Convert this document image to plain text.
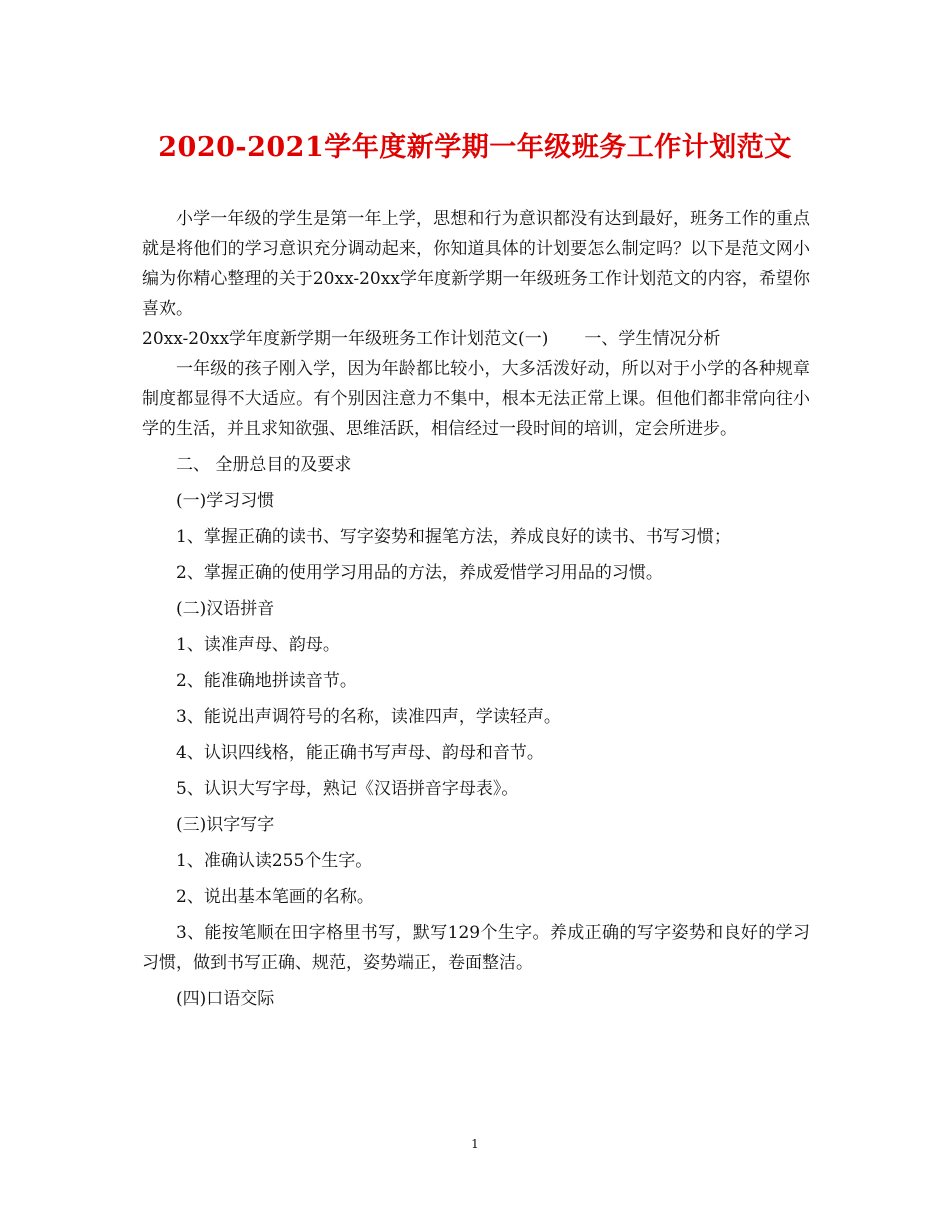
2020-2021学年度新学期一年级班务工作计划范文

小学一年级的学生是第一年上学，思想和行为意识都没有达到最好，班务工作的重点就是将他们的学习意识充分调动起来，你知道具体的计划要怎么制定吗？以下是范文网小编为你精心整理的关于20xx-20xx学年度新学期一年级班务工作计划范文的内容，希望你喜欢。

20xx-20xx学年度新学期一年级班务工作计划范文(一) 一、学生情况分析

一年级的孩子刚入学，因为年龄都比较小，大多活泼好动，所以对于小学的各种规章制度都显得不大适应。有个别因注意力不集中，根本无法正常上课。但他们都非常向往小学的生活，并且求知欲强、思维活跃，相信经过一段时间的培训，定会所进步。

二、 全册总目的及要求

(一)学习习惯

1、掌握正确的读书、写字姿势和握笔方法，养成良好的读书、书写习惯；

2、掌握正确的使用学习用品的方法，养成爱惜学习用品的习惯。

(二)汉语拼音

1、读准声母、韵母。

2、能准确地拼读音节。

3、能说出声调符号的名称，读准四声，学读轻声。

4、认识四线格，能正确书写声母、韵母和音节。

5、认识大写字母，熟记《汉语拼音字母表》。

(三)识字写字

1、准确认读255个生字。

2、说出基本笔画的名称。

3、能按笔顺在田字格里书写，默写129个生字。养成正确的写字姿势和良好的学习习惯，做到书写正确、规范，姿势端正，卷面整洁。

(四)口语交际

1
